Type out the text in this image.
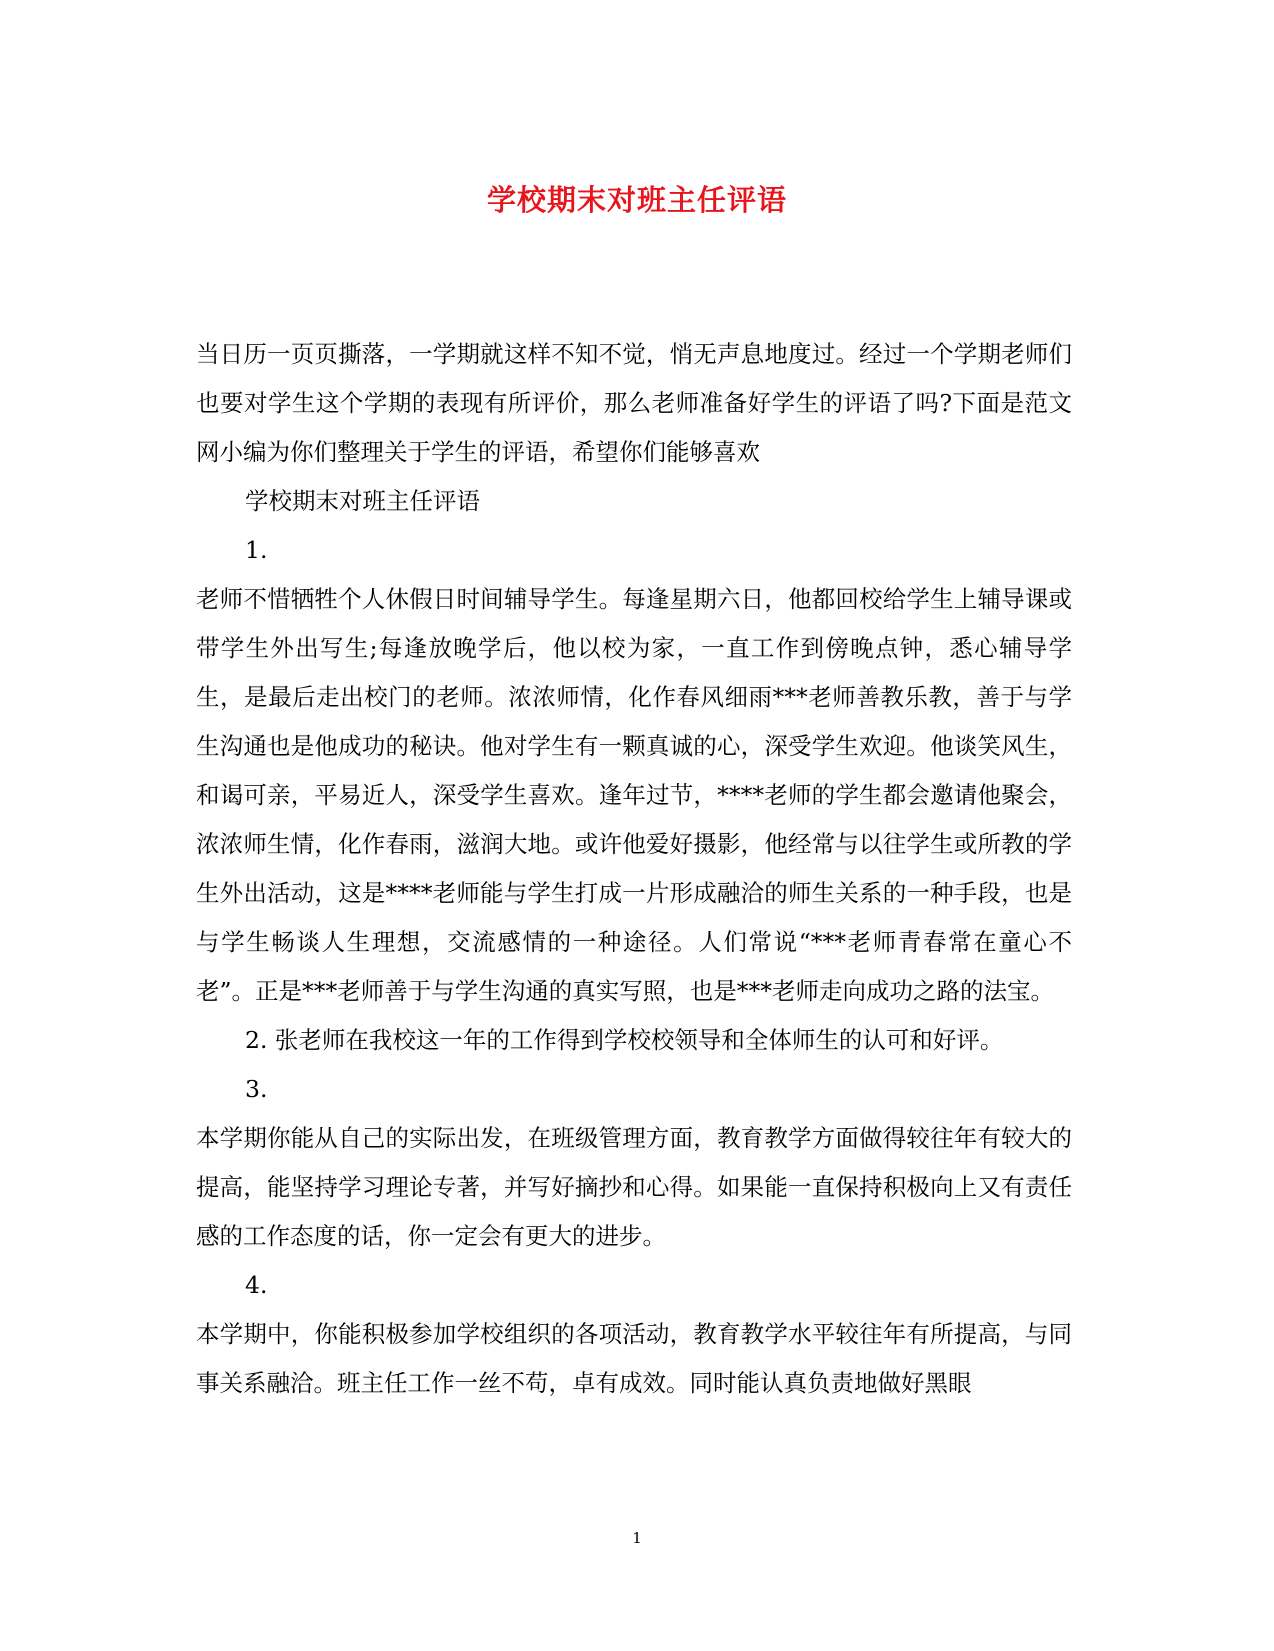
学校期末对班主任评语

当日历一页页撕落，一学期就这样不知不觉，悄无声息地度过。经过一个学期老师们也要对学生这个学期的表现有所评价，那么老师准备好学生的评语了吗?下面是范文网小编为你们整理关于学生的评语，希望你们能够喜欢

学校期末对班主任评语

1.

老师不惜牺牲个人休假日时间辅导学生。每逢星期六日，他都回校给学生上辅导课或带学生外出写生;每逢放晚学后，他以校为家，一直工作到傍晚点钟，悉心辅导学生，是最后走出校门的老师。浓浓师情，化作春风细雨***老师善教乐教，善于与学生沟通也是他成功的秘诀。他对学生有一颗真诚的心，深受学生欢迎。他谈笑风生，和谒可亲，平易近人，深受学生喜欢。逢年过节，****老师的学生都会邀请他聚会，浓浓师生情，化作春雨，滋润大地。或许他爱好摄影，他经常与以往学生或所教的学生外出活动，这是****老师能与学生打成一片形成融洽的师生关系的一种手段，也是与学生畅谈人生理想，交流感情的一种途径。人们常说“***老师青春常在童心不老”。正是***老师善于与学生沟通的真实写照，也是***老师走向成功之路的法宝。

2. 张老师在我校这一年的工作得到学校校领导和全体师生的认可和好评。

3.

本学期你能从自己的实际出发，在班级管理方面，教育教学方面做得较往年有较大的提高，能坚持学习理论专著，并写好摘抄和心得。如果能一直保持积极向上又有责任感的工作态度的话，你一定会有更大的进步。

4.

本学期中，你能积极参加学校组织的各项活动，教育教学水平较往年有所提高，与同事关系融洽。班主任工作一丝不苟，卓有成效。同时能认真负责地做好黑眼

1
